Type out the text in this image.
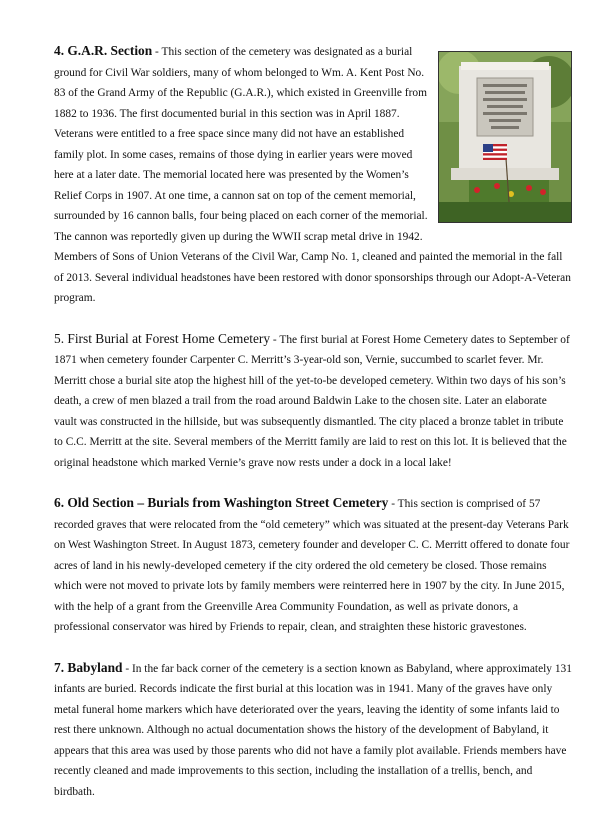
4. G.A.R. Section - This section of the cemetery was designated as a burial ground for Civil War soldiers, many of whom belonged to Wm. A. Kent Post No. 83 of the Grand Army of the Republic (G.A.R.), which existed in Greenville from 1882 to 1936. The first documented burial in this section was in April 1887. Veterans were entitled to a free space since many did not have an established family plot. In some cases, remains of those dying in earlier years were moved here at a later date. The memorial located here was presented by the Women’s Relief Corps in 1907. At one time, a cannon sat on top of the cement memorial, surrounded by 16 cannon balls, four being placed on each corner of the memorial. The cannon was reportedly given up during the WWII scrap metal drive in 1942. Members of Sons of Union Veterans of the Civil War, Camp No. 1, cleaned and painted the memorial in the fall of 2013. Several individual headstones have been restored with donor sponsorships through our Adopt-A-Veteran program.

5. First Burial at Forest Home Cemetery - The first burial at Forest Home Cemetery dates to September of 1871 when cemetery founder Carpenter C. Merritt’s 3-year-old son, Vernie, succumbed to scarlet fever. Mr. Merritt chose a burial site atop the highest hill of the yet-to-be developed cemetery. Within two days of his son’s death, a crew of men blazed a trail from the road around Baldwin Lake to the chosen site. Later an elaborate vault was constructed in the hillside, but was subsequently dismantled. The city placed a bronze tablet in tribute to C.C. Merritt at the site. Several members of the Merritt family are laid to rest on this lot. It is believed that the original headstone which marked Vernie’s grave now rests under a dock in a local lake!

6. Old Section – Burials from Washington Street Cemetery - This section is comprised of 57 recorded graves that were relocated from the “old cemetery” which was situated at the present-day Veterans Park on West Washington Street. In August 1873, cemetery founder and developer C. C. Merritt offered to donate four acres of land in his newly-developed cemetery if the city ordered the old cemetery be closed. Those remains which were not moved to private lots by family members were reinterred here in 1907 by the city. In June 2015, with the help of a grant from the Greenville Area Community Foundation, as well as private donors, a professional conservator was hired by Friends to repair, clean, and straighten these historic gravestones.

7. Babyland - In the far back corner of the cemetery is a section known as Babyland, where approximately 131 infants are buried. Records indicate the first burial at this location was in 1941. Many of the graves have only metal funeral home markers which have deteriorated over the years, leaving the identity of some infants laid to rest there unknown. Although no actual documentation shows the history of the development of Babyland, it appears that this area was used by those parents who did not have a family plot available. Friends members have recently cleaned and made improvements to this section, including the installation of a trellis, bench, and birdbath.
